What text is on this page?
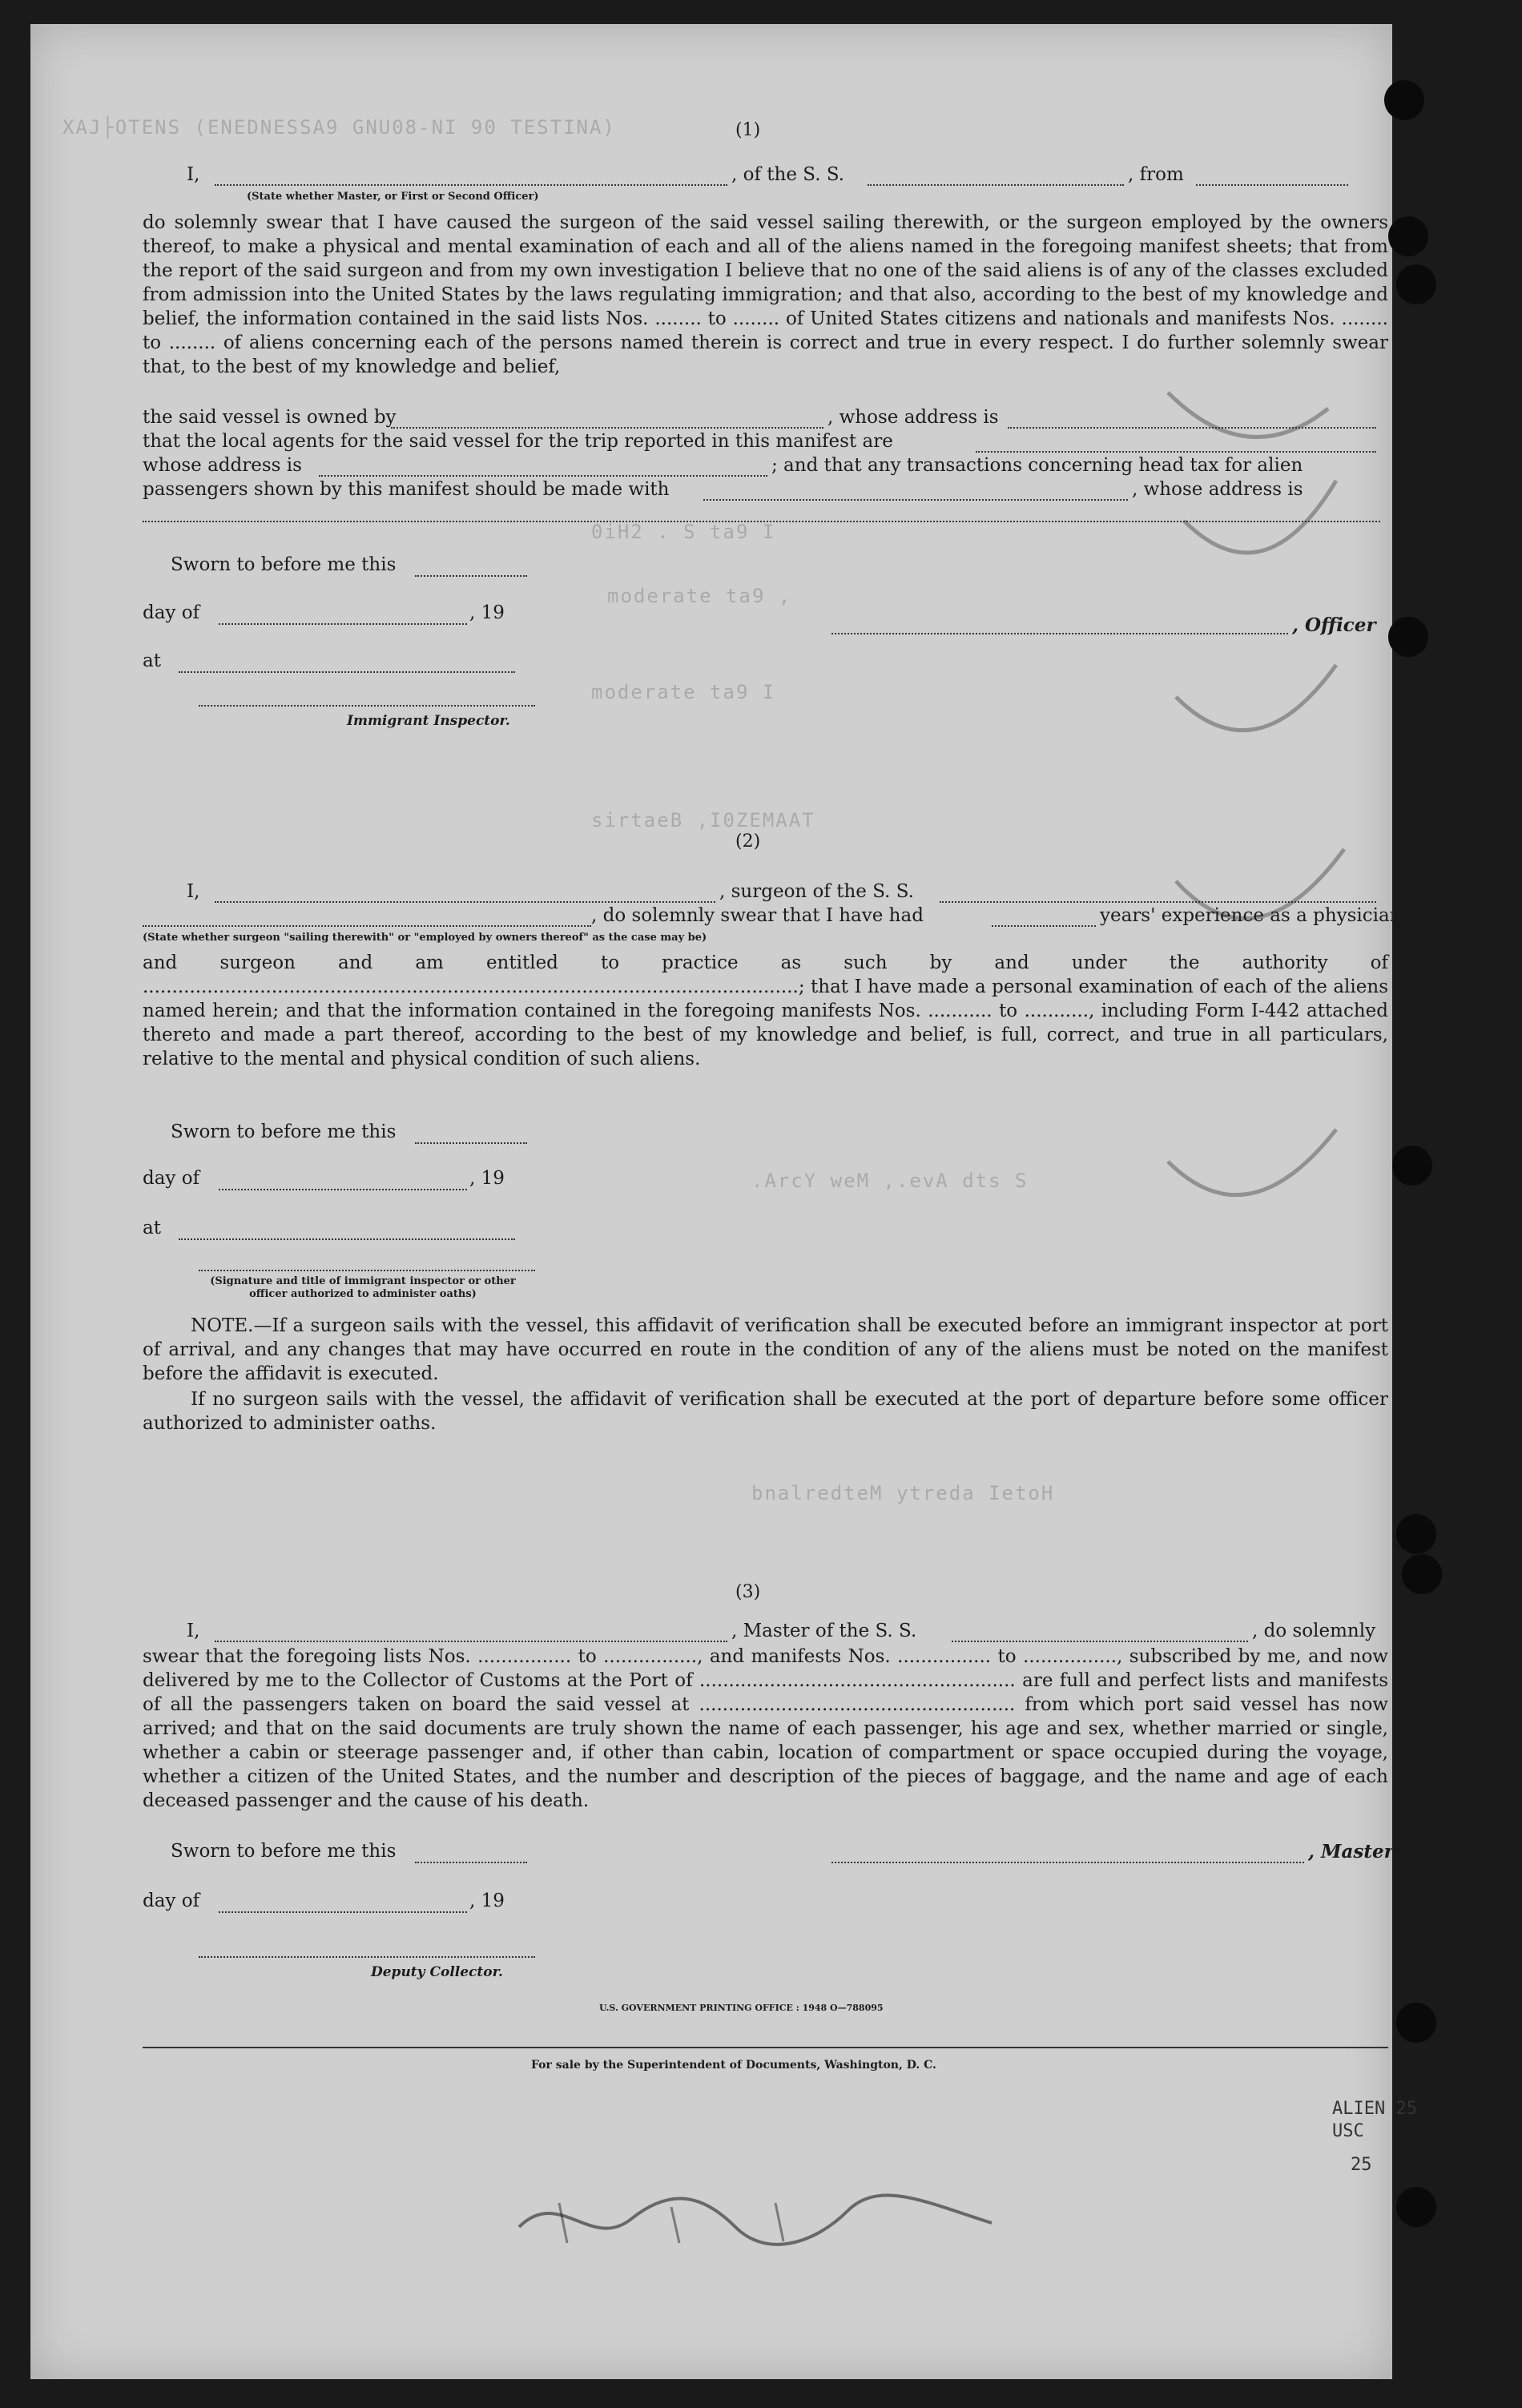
XAJ├OTENS (ENEDNESSA9 GNU08-NI 90 TESTINA)
0iH2 . S ta9 I
moderate ta9 ,
moderate ta9 I
sirtaeB ,I0ZEMAAT
.ArcY weM ,.evA dts S
bnalredteM ytreda IetoH
(1)
I,	, of the S. S.	, from
(State whether Master, or First or Second Officer)
do solemnly swear that I have caused the surgeon of the said vessel sailing therewith, or the surgeon employed by the owners thereof, to make a physical and mental examination of each and all of the aliens named in the foregoing manifest sheets; that from the report of the said surgeon and from my own investigation I believe that no one of the said aliens is of any of the classes excluded from admission into the United States by the laws regulating immigration; and that also, according to the best of my knowledge and belief, the information contained in the said lists Nos. ........ to ........ of United States citizens and nationals and manifests Nos. ........ to ........ of aliens concerning each of the persons named therein is correct and true in every respect. I do further solemnly swear that, to the best of my knowledge and belief,
the said vessel is owned by	, whose address is
that the local agents for the said vessel for the trip reported in this manifest are
whose address is	; and that any transactions concerning head tax for alien
passengers shown by this manifest should be made with	, whose address is
Sworn to before me this
day of	, 19
, Officer
at
Immigrant Inspector.
(2)
I,	, surgeon of the S. S.
, do solemnly swear that I have had	years' experience as a physician
(State whether surgeon "sailing therewith" or "employed by owners thereof" as the case may be)
and surgeon and am entitled to practice as such by and under the authority of ................................................................................................................; that I have made a personal examination of each of the aliens named herein; and that the information contained in the foregoing manifests Nos. ........... to ..........., including Form I-442 attached thereto and made a part thereof, according to the best of my knowledge and belief, is full, correct, and true in all particulars, relative to the mental and physical condition of such aliens.
Sworn to before me this
day of	, 19
at
(Signature and title of immigrant inspector or other officer authorized to administer oaths)
NOTE.—If a surgeon sails with the vessel, this affidavit of verification shall be executed before an immigrant inspector at port of arrival, and any changes that may have occurred en route in the condition of any of the aliens must be noted on the manifest before the affidavit is executed.
If no surgeon sails with the vessel, the affidavit of verification shall be executed at the port of departure before some officer authorized to administer oaths.
(3)
I,	, Master of the S. S.	, do solemnly
swear that the foregoing lists Nos. ................ to ................, and manifests Nos. ................ to ................, subscribed by me, and now delivered by me to the Collector of Customs at the Port of ...................................................... are full and perfect lists and manifests of all the passengers taken on board the said vessel at ...................................................... from which port said vessel has now arrived; and that on the said documents are truly shown the name of each passenger, his age and sex, whether married or single, whether a cabin or steerage passenger and, if other than cabin, location of compartment or space occupied during the voyage, whether a citizen of the United States, and the number and description of the pieces of baggage, and the name and age of each deceased passenger and the cause of his death.
Sworn to before me this	, Master
day of	, 19
Deputy Collector.
U.S. GOVERNMENT PRINTING OFFICE : 1948 O—788095
For sale by the Superintendent of Documents, Washington, D. C.
ALIEN 25
USC
25
